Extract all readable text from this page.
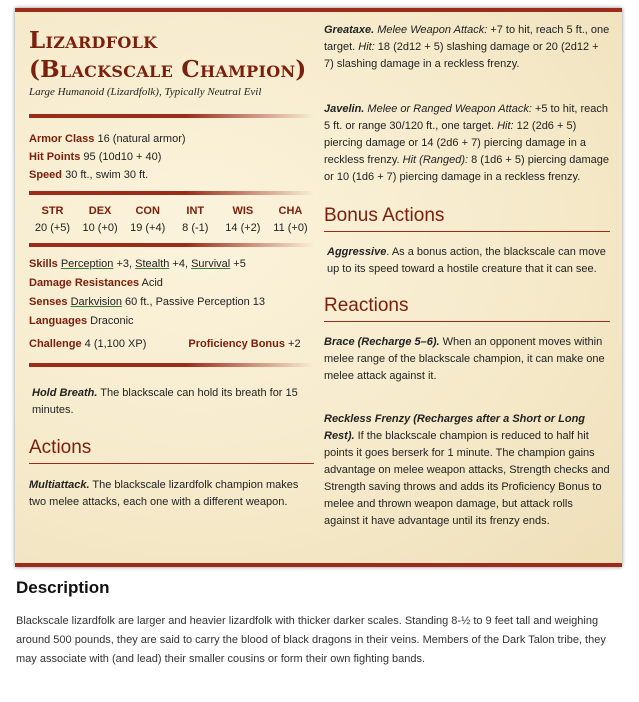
Lizardfolk
(Blackscale Champion)
Large Humanoid (Lizardfolk), Typically Neutral Evil
Armor Class 16 (natural armor)
Hit Points 95 (10d10 + 40)
Speed 30 ft., swim 30 ft.
STR
20 (+5)
DEX
10 (+0)
CON
19 (+4)
INT
8 (-1)
WIS
14 (+2)
CHA
11 (+0)
Skills Perception +3, Stealth +4, Survival +5
Damage Resistances Acid
Senses Darkvision 60 ft., Passive Perception 13
Languages Draconic
Challenge 4 (1,100 XP)	Proficiency Bonus +2
Hold Breath. The blackscale can hold its breath for 15 minutes.
Actions
Multiattack. The blackscale lizardfolk champion makes two melee attacks, each one with a different weapon.
Greataxe. Melee Weapon Attack: +7 to hit, reach 5 ft., one target. Hit: 18 (2d12 + 5) slashing damage or 20 (2d12 + 7) slashing damage in a reckless frenzy.
Javelin. Melee or Ranged Weapon Attack: +5 to hit, reach 5 ft. or range 30/120 ft., one target. Hit: 12 (2d6 + 5) piercing damage or 14 (2d6 + 7) piercing damage in a reckless frenzy. Hit (Ranged): 8 (1d6 + 5) piercing damage or 10 (1d6 + 7) piercing damage in a reckless frenzy.
Bonus Actions
Aggressive. As a bonus action, the blackscale can move up to its speed toward a hostile creature that it can see.
Reactions
Brace (Recharge 5–6). When an opponent moves within melee range of the blackscale champion, it can make one melee attack against it.
Reckless Frenzy (Recharges after a Short or Long Rest). If the blackscale champion is reduced to half hit points it goes berserk for 1 minute. The champion gains advantage on melee weapon attacks, Strength checks and Strength saving throws and adds its Proficiency Bonus to melee and thrown weapon damage, but attack rolls against it have advantage until its frenzy ends.
Description
Blackscale lizardfolk are larger and heavier lizardfolk with thicker darker scales. Standing 8-½ to 9 feet tall and weighing around 500 pounds, they are said to carry the blood of black dragons in their veins. Members of the Dark Talon tribe, they may associate with (and lead) their smaller cousins or form their own fighting bands.
